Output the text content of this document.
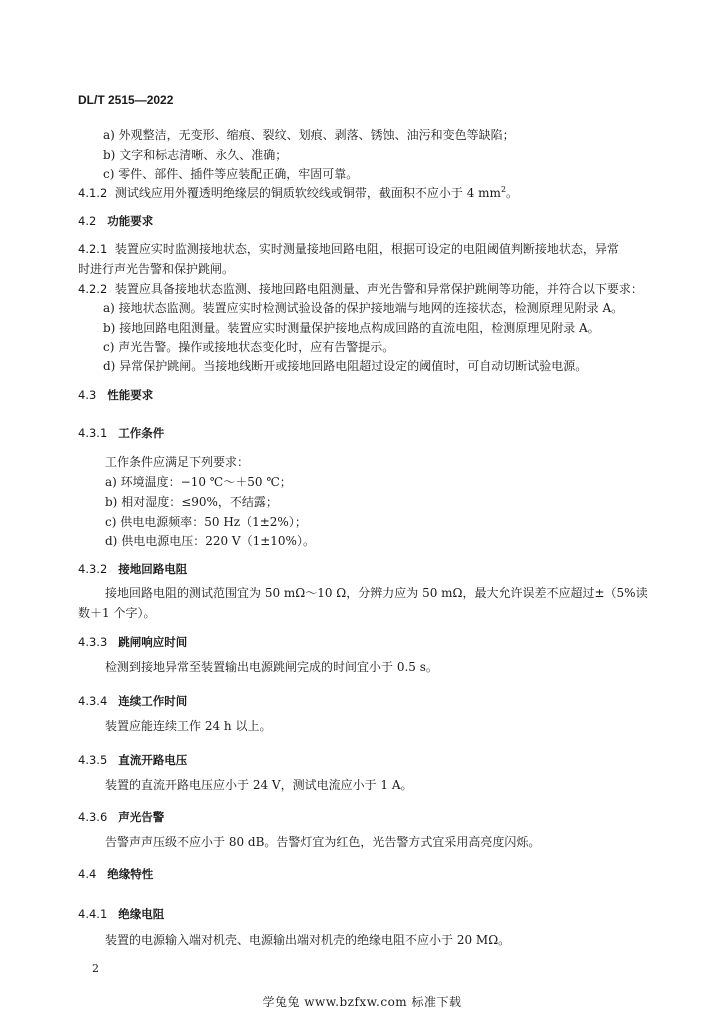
DL/T 2515—2022
a) 外观整洁，无变形、缩痕、裂纹、划痕、剥落、锈蚀、油污和变色等缺陷；
b) 文字和标志清晰、永久、准确；
c) 零件、部件、插件等应装配正确，牢固可靠。
4.1.2 测试线应用外覆透明绝缘层的铜质软绞线或铜带，截面积不应小于 4 $mm^2$。
4.2 功能要求
4.2.1 装置应实时监测接地状态，实时测量接地回路电阻，根据可设定的电阻阈值判断接地状态，异常
时进行声光告警和保护跳闸。
4.2.2 装置应具备接地状态监测、接地回路电阻测量、声光告警和异常保护跳闸等功能，并符合以下要求：
a) 接地状态监测。装置应实时检测试验设备的保护接地端与地网的连接状态，检测原理见附录 A。
b) 接地回路电阻测量。装置应实时测量保护接地点构成回路的直流电阻，检测原理见附录 A。
c) 声光告警。操作或接地状态变化时，应有告警提示。
d) 异常保护跳闸。当接地线断开或接地回路电阻超过设定的阈值时，可自动切断试验电源。
4.3 性能要求
4.3.1 工作条件
工作条件应满足下列要求：
a) 环境温度：−10 ℃～＋50 ℃；
b) 相对湿度：≤90%，不结露；
c) 供电电源频率：50 Hz（1±2%）；
d) 供电电源电压：220 V（1±10%）。
4.3.2 接地回路电阻
接地回路电阻的测试范围宜为 50 mΩ～10 Ω，分辨力应为 50 mΩ，最大允许误差不应超过±（5%读
数＋1 个字）。
4.3.3 跳闸响应时间
检测到接地异常至装置输出电源跳闸完成的时间宜小于 0.5 s。
4.3.4 连续工作时间
装置应能连续工作 24 h 以上。
4.3.5 直流开路电压
装置的直流开路电压应小于 24 V，测试电流应小于 1 A。
4.3.6 声光告警
告警声声压级不应小于 80 dB。告警灯宜为红色，光告警方式宜采用高亮度闪烁。
4.4 绝缘特性
4.4.1 绝缘电阻
装置的电源输入端对机壳、电源输出端对机壳的绝缘电阻不应小于 20 MΩ。
2
学兔兔 www.bzfxw.com 标准下载
